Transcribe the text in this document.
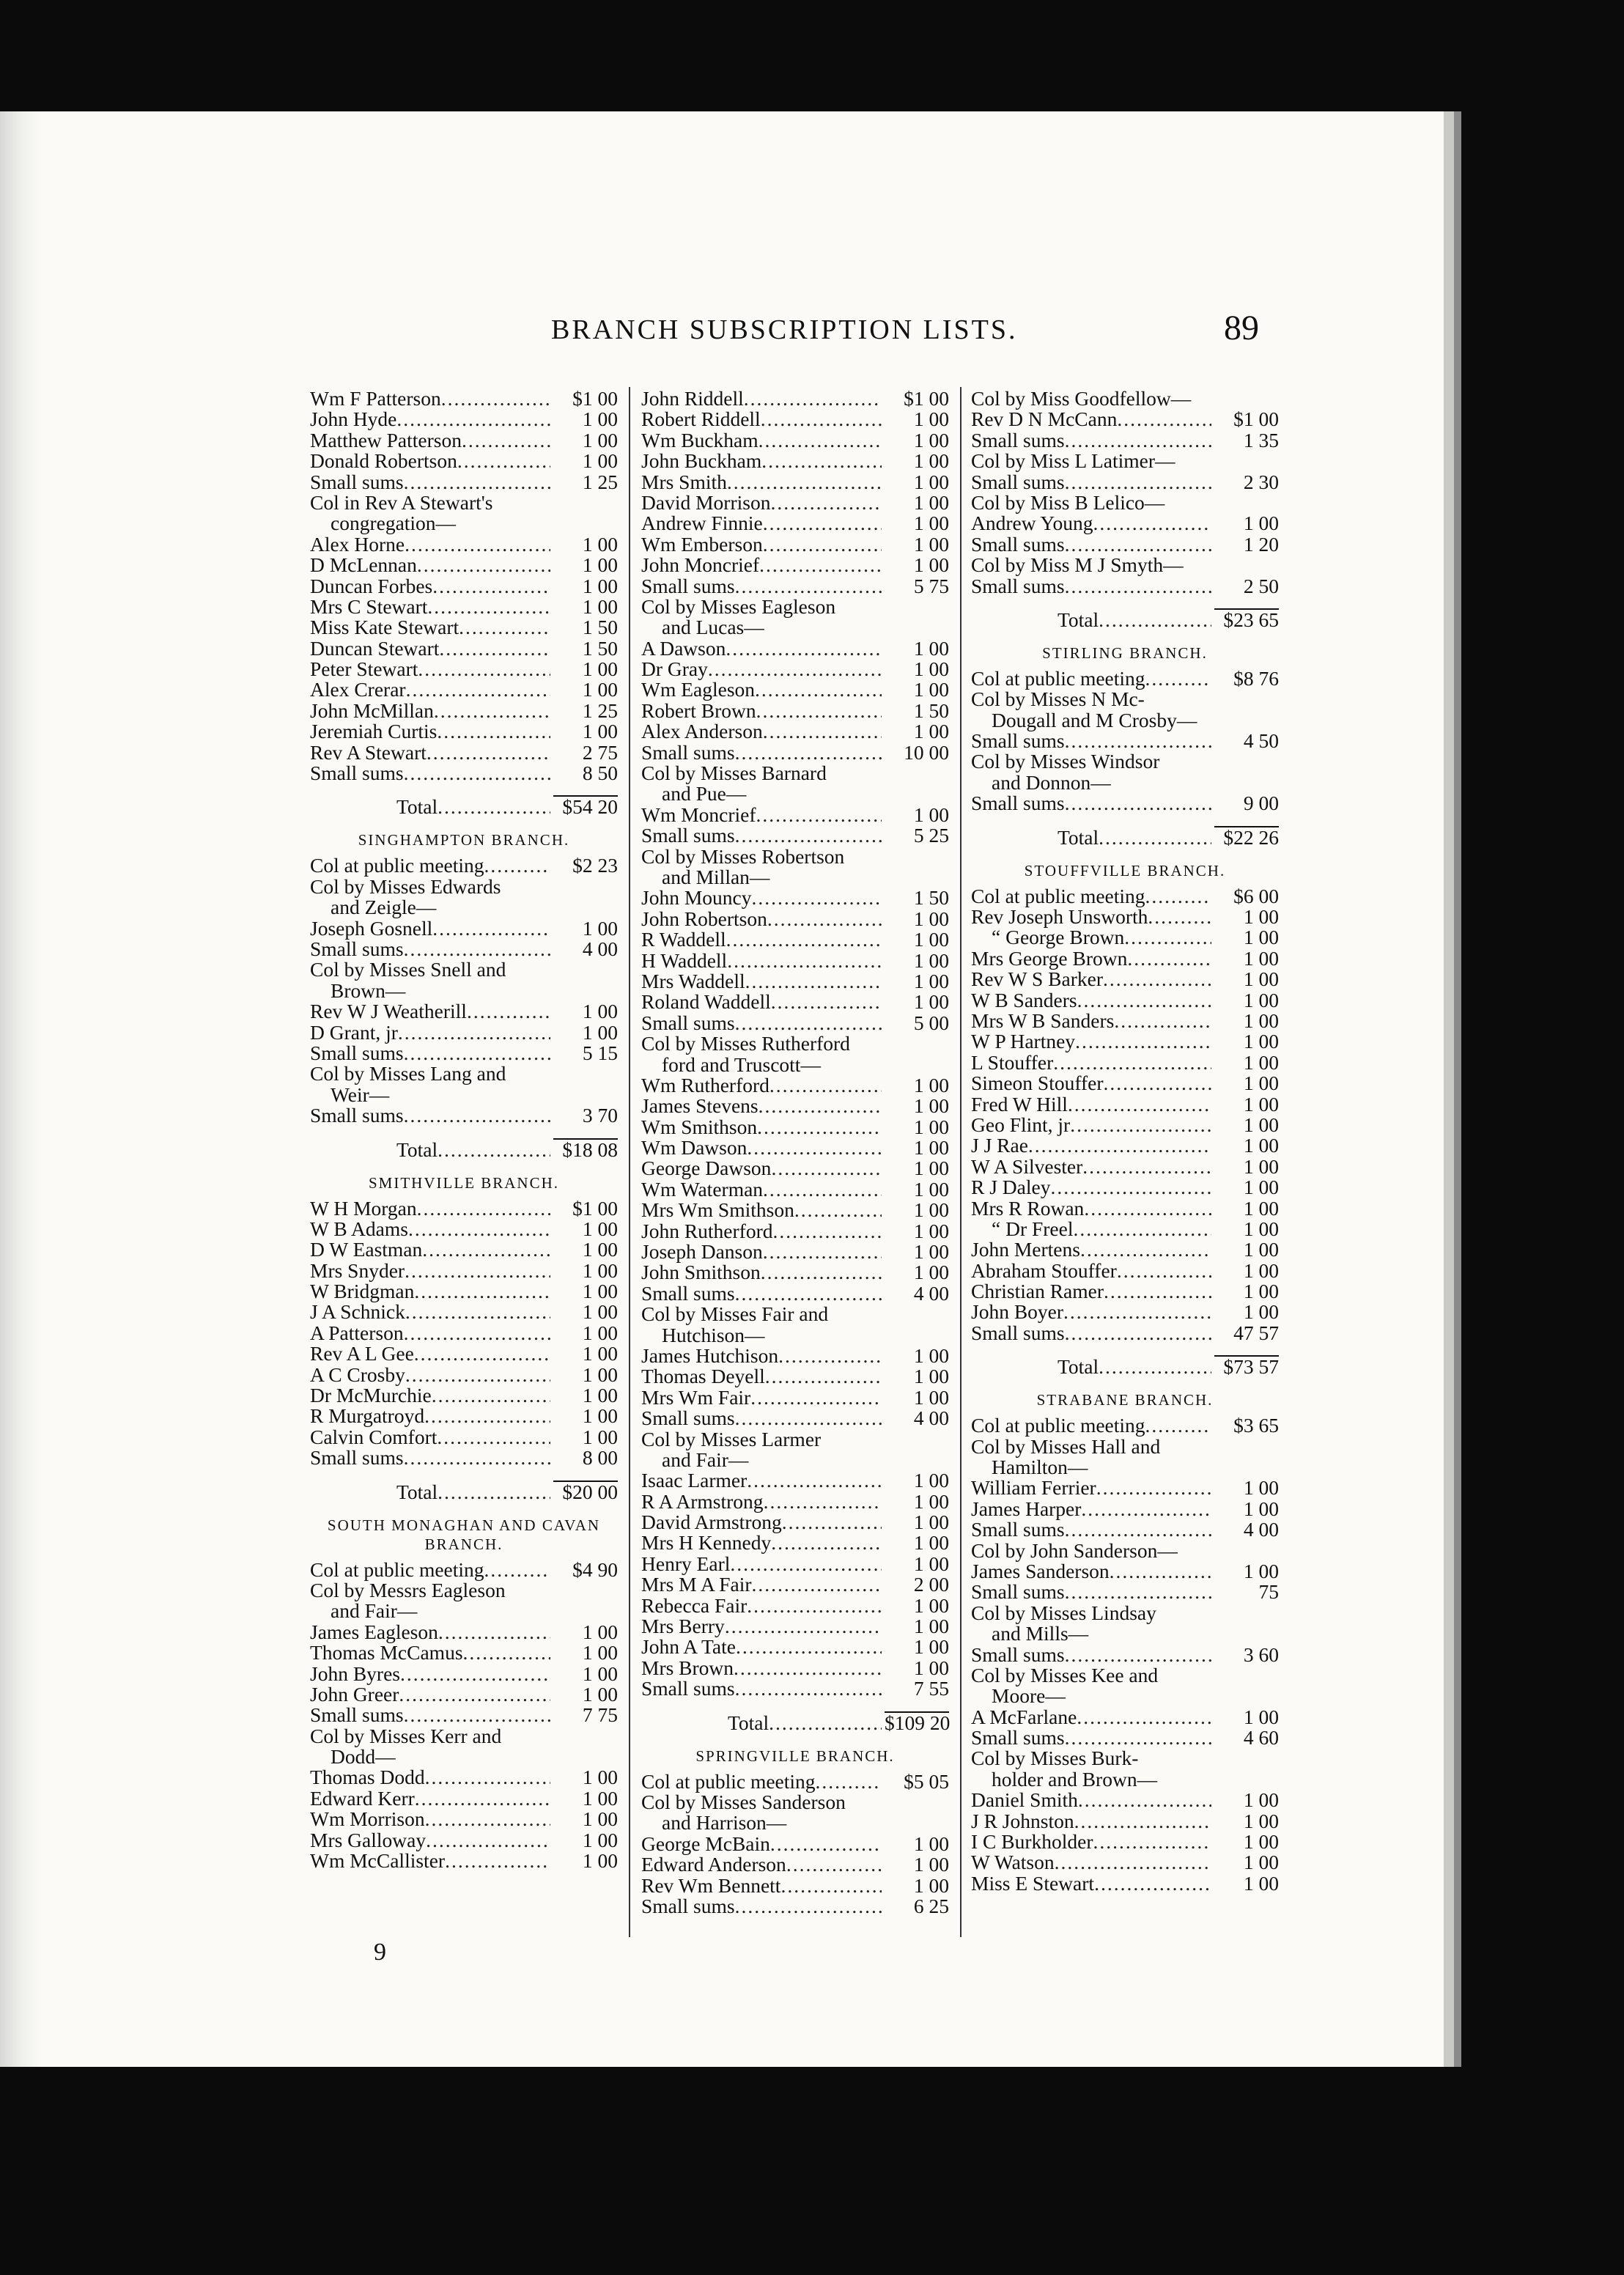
BRANCH SUBSCRIPTION LISTS.	89
Wm F Patterson .....	$1 00
John Hyde .....	1 00
Matthew Patterson .....	1 00
Donald Robertson .....	1 00
Small sums .....	1 25
Col in Rev A Stewart's
congregation—
Alex Horne .....	1 00
D McLennan .....	1 00
Duncan Forbes .....	1 00
Mrs C Stewart .....	1 00
Miss Kate Stewart .....	1 50
Duncan Stewart .....	1 50
Peter Stewart .....	1 00
Alex Crerar .....	1 00
John McMillan .....	1 25
Jeremiah Curtis .....	1 00
Rev A Stewart .....	2 75
Small sums .....	8 50
Total .....	$54 20
SINGHAMPTON BRANCH.
Col at public meeting .....	$2 23
Col by Misses Edwards
and Zeigle—
Joseph Gosnell .....	1 00
Small sums .....	4 00
Col by Misses Snell and
Brown—
Rev W J Weatherill .....	1 00
D Grant, jr .....	1 00
Small sums .....	5 15
Col by Misses Lang and
Weir—
Small sums .....	3 70
Total .....	$18 08
SMITHVILLE BRANCH.
W H Morgan .....	$1 00
W B Adams .....	1 00
D W Eastman .....	1 00
Mrs Snyder .....	1 00
W Bridgman .....	1 00
J A Schnick .....	1 00
A Patterson .....	1 00
Rev A L Gee .....	1 00
A C Crosby .....	1 00
Dr McMurchie .....	1 00
R Murgatroyd .....	1 00
Calvin Comfort .....	1 00
Small sums .....	8 00
Total .....	$20 00
SOUTH MONAGHAN AND CAVAN BRANCH.
Col at public meeting .....	$4 90
Col by Messrs Eagleson
and Fair—
James Eagleson .....	1 00
Thomas McCamus .....	1 00
John Byres .....	1 00
John Greer .....	1 00
Small sums .....	7 75
Col by Misses Kerr and
Dodd—
Thomas Dodd .....	1 00
Edward Kerr .....	1 00
Wm Morrison .....	1 00
Mrs Galloway .....	1 00
Wm McCallister .....	1 00
John Riddell .....	$1 00
Robert Riddell .....	1 00
Wm Buckham .....	1 00
John Buckham .....	1 00
Mrs Smith .....	1 00
David Morrison .....	1 00
Andrew Finnie .....	1 00
Wm Emberson .....	1 00
John Moncrief .....	1 00
Small sums .....	5 75
Col by Misses Eagleson
and Lucas—
A Dawson .....	1 00
Dr Gray .....	1 00
Wm Eagleson .....	1 00
Robert Brown .....	1 50
Alex Anderson .....	1 00
Small sums .....	10 00
Col by Misses Barnard
and Pue—
Wm Moncrief .....	1 00
Small sums .....	5 25
Col by Misses Robertson
and Millan—
John Mouncy .....	1 50
John Robertson .....	1 00
R Waddell .....	1 00
H Waddell .....	1 00
Mrs Waddell .....	1 00
Roland Waddell .....	1 00
Small sums .....	5 00
Col by Misses Rutherford
ford and Truscott—
Wm Rutherford .....	1 00
James Stevens .....	1 00
Wm Smithson .....	1 00
Wm Dawson .....	1 00
George Dawson .....	1 00
Wm Waterman .....	1 00
Mrs Wm Smithson .....	1 00
John Rutherford .....	1 00
Joseph Danson .....	1 00
John Smithson .....	1 00
Small sums .....	4 00
Col by Misses Fair and
Hutchison—
James Hutchison .....	1 00
Thomas Deyell .....	1 00
Mrs Wm Fair .....	1 00
Small sums .....	4 00
Col by Misses Larmer
and Fair—
Isaac Larmer .....	1 00
R A Armstrong .....	1 00
David Armstrong .....	1 00
Mrs H Kennedy .....	1 00
Henry Earl .....	1 00
Mrs M A Fair .....	2 00
Rebecca Fair .....	1 00
Mrs Berry .....	1 00
John A Tate .....	1 00
Mrs Brown .....	1 00
Small sums .....	7 55
Total .....	$109 20
SPRINGVILLE BRANCH.
Col at public meeting .....	$5 05
Col by Misses Sanderson
and Harrison—
George McBain .....	1 00
Edward Anderson .....	1 00
Rev Wm Bennett .....	1 00
Small sums .....	6 25
Col by Miss Goodfellow—
Rev D N McCann .....	$1 00
Small sums .....	1 35
Col by Miss L Latimer—
Small sums .....	2 30
Col by Miss B Lelico—
Andrew Young .....	1 00
Small sums .....	1 20
Col by Miss M J Smyth—
Small sums .....	2 50
Total .....	$23 65
STIRLING BRANCH.
Col at public meeting .....	$8 76
Col by Misses N Mc-
Dougall and M Crosby—
Small sums .....	4 50
Col by Misses Windsor
and Donnon—
Small sums .....	9 00
Total .....	$22 26
STOUFFVILLE BRANCH.
Col at public meeting .....	$6 00
Rev Joseph Unsworth .....	1 00
“ George Brown .....	1 00
Mrs George Brown .....	1 00
Rev W S Barker .....	1 00
W B Sanders .....	1 00
Mrs W B Sanders .....	1 00
W P Hartney .....	1 00
L Stouffer .....	1 00
Simeon Stouffer .....	1 00
Fred W Hill .....	1 00
Geo Flint, jr .....	1 00
J J Rae .....	1 00
W A Silvester .....	1 00
R J Daley .....	1 00
Mrs R Rowan .....	1 00
“ Dr Freel .....	1 00
John Mertens .....	1 00
Abraham Stouffer .....	1 00
Christian Ramer .....	1 00
John Boyer .....	1 00
Small sums .....	47 57
Total .....	$73 57
STRABANE BRANCH.
Col at public meeting .....	$3 65
Col by Misses Hall and
Hamilton—
William Ferrier .....	1 00
James Harper .....	1 00
Small sums .....	4 00
Col by John Sanderson—
James Sanderson .....	1 00
Small sums .....	75
Col by Misses Lindsay
and Mills—
Small sums .....	3 60
Col by Misses Kee and
Moore—
A McFarlane .....	1 00
Small sums .....	4 60
Col by Misses Burk-
holder and Brown—
Daniel Smith .....	1 00
J R Johnston .....	1 00
I C Burkholder .....	1 00
W Watson .....	1 00
Miss E Stewart .....	1 00
9
